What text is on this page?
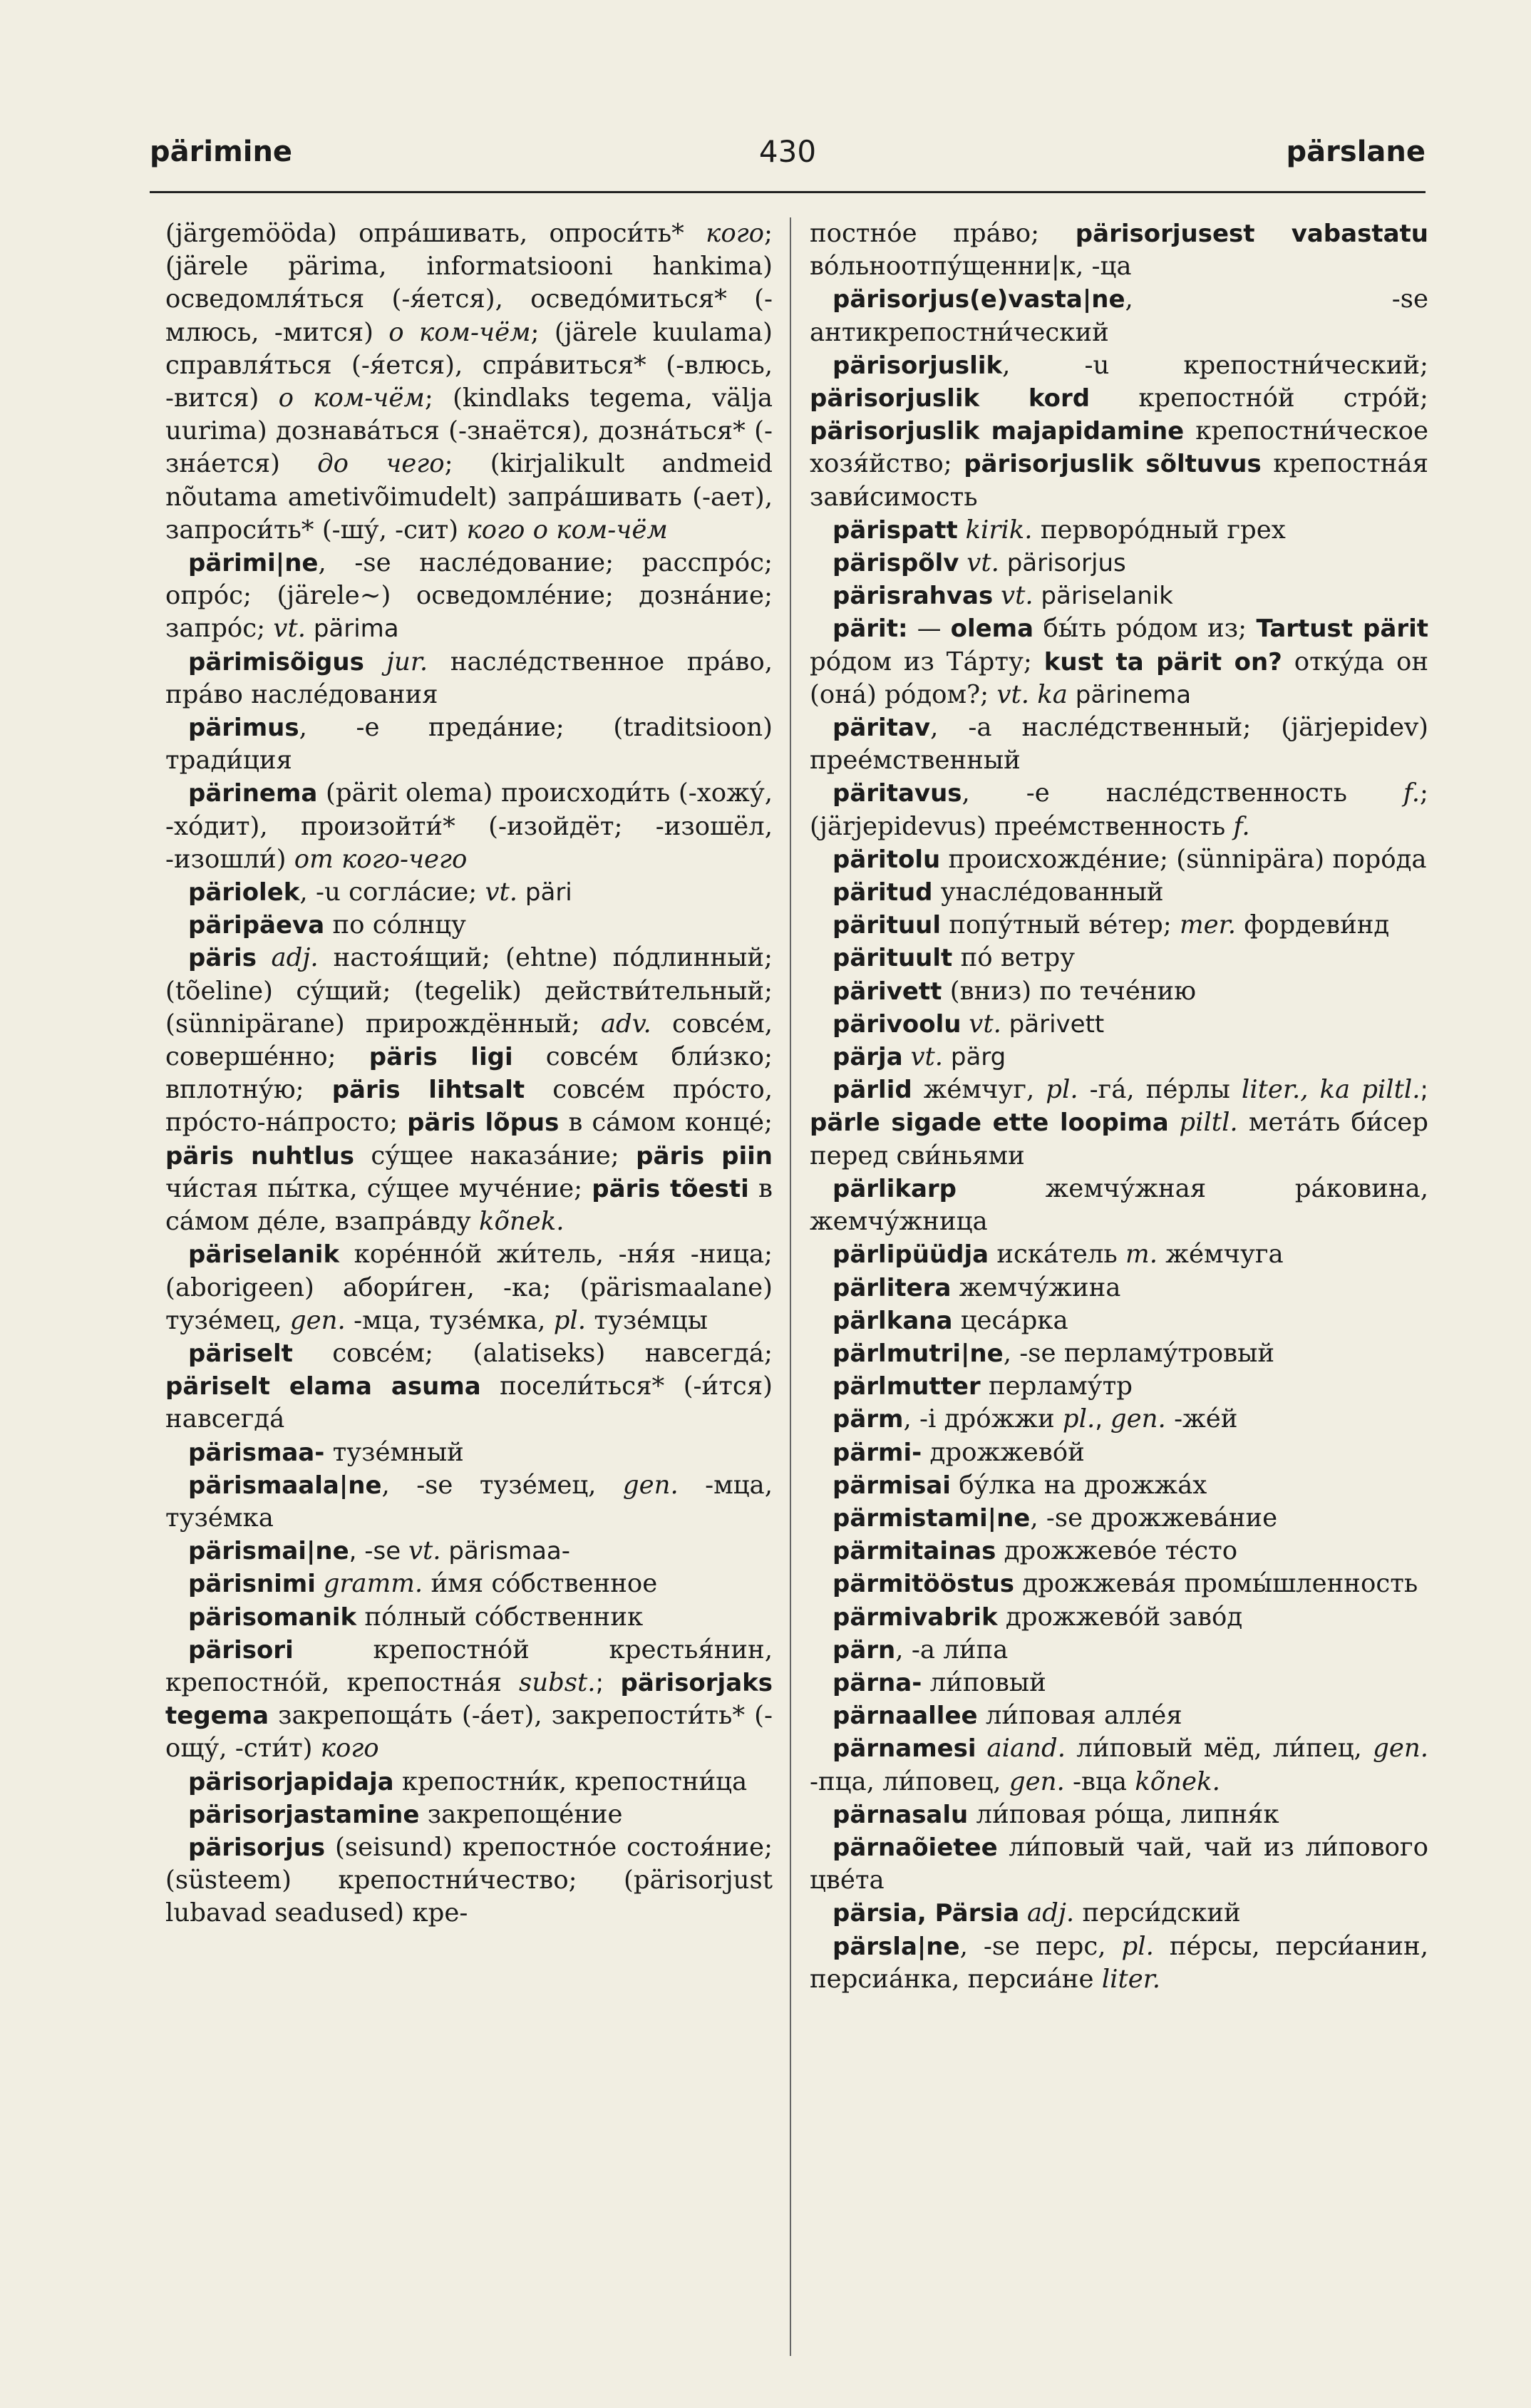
pärimine	430	pärslane

(järgemööda) опрáшивать, опроси́ть* кого; (järele pärima, informatsiooni hankima) осведомля́ться (-я́ется), осведо́миться* (-млюсь, -мится) о ком-чём; (järele kuulama) справля́ться (-я́ется), спрáвиться* (-влюсь, -вится) о ком-чём; (kindlaks tegema, välja uurima) дознавáться (-знаётся), дознáться* (-знáется) до чего; (kirjalikult andmeid nõutama ametivõimudelt) запрáшивать (-ает), запроси́ть* (-шу́, -сит) кого о ком-чём

pärimi|ne, -se наслéдование; расспро́с; опро́с; (järele~) осведомлéние; дознáние; запро́с; vt. pärima

pärimisõigus jur. наслéдственное прáво, прáво наслéдования

pärimus, -e предáние; (traditsioon) тради́ция

pärinema (pärit olema) происходи́ть (-хожу́, -хо́дит), произойти́* (-изойдёт; -изошёл, -изошли́) от кого-чего

päriolek, -u соглáсие; vt. päri

päripäeva по со́лнцу

päris adj. настоя́щий; (ehtne) по́длинный; (tõeline) су́щий; (tegelik) действи́тельный; (sünnipärane) прирождённый; adv. совсéм, совершéнно; päris ligi совсéм бли́зко; вплотну́ю; päris lihtsalt совсéм про́сто, про́сто-нáпросто; päris lõpus в сáмом концé; päris nuhtlus су́щее наказáние; päris piin чи́стая пы́тка, су́щее мучéние; päris tõesti в сáмом дéле, взапрáвду kõnek.

päriselanik корéнно́й жи́тель, -ня́я -ница; (aborigeen) абори́ген, -ка; (pärismaalane) тузéмец, gen. -мца, тузéмка, pl. тузéмцы

päriselt совсéм; (alatiseks) навсегдá; päriselt elama asuma посели́ться* (-и́тся) навсегдá

pärismaa- тузéмный

pärismaala|ne, -se тузéмец, gen. -мца, тузéмка

pärismai|ne, -se vt. pärismaa-

pärisnimi gramm. и́мя со́бственное

pärisomanik по́лный со́бственник

pärisori крепостно́й крестья́нин, крепостно́й, крепостнáя subst.; pärisorjaks tegema закрепощáть (-áет), закрепости́ть* (-ощу́, -сти́т) кого

pärisorjapidaja крепостни́к, крепостни́ца

pärisorjastamine закрепощéние

pärisorjus (seisund) крепостно́е состоя́ние; (süsteem) крепостни́чество; (pärisorjust lubavad seadused) кре-

постно́е прáво; pärisorjusest vabastatu во́льноотпу́щенни|к, -ца

pärisorjus(e)vasta|ne, -se антикрепостни́ческий

pärisorjuslik, -u крепостни́ческий; pärisorjuslik kord крепостно́й стро́й; pärisorjuslik majapidamine крепостни́ческое хозя́йство; pärisorjuslik sõltuvus крепостнáя зави́симость

pärispatt kirik. первоpо́дный грех

pärispõlv vt. pärisorjus

pärisrahvas vt. päriselanik

pärit: — olema бы́ть ро́дом из; Tartust pärit ро́дом из Тáрту; kust ta pärit on? откýда он (онá) ро́дом?; vt. ka pärinema

päritav, -a наслéдственный; (järjepidev) преéмственный

päritavus, -e наслéдственность f.; (järjepidevus) преéмственность f.

päritolu происхождéние; (sünnipära) поро́да

päritud унаслéдованный

pärituul попу́тный вéтер; mer. фордеви́нд

pärituult по́ ветру

pärivett (вниз) по течéнию

pärivoolu vt. pärivett

pärja vt. pärg

pärlid жéмчуг, pl. -гá, пéрлы liter., ka piltl.; pärle sigade ette loopima piltl. метáть би́сер перед сви́ньями

pärlikarp жемчу́жная рáковина, жемчу́жница

pärlipüüdja искáтель m. жéмчуга

pärlitera жемчу́жина

pärlkana цесáрка

pärlmutri|ne, -se перламу́тровый

pärlmutter перламу́тр

pärm, -i дро́жжи pl., gen. -жéй

pärmi- дрожжево́й

pärmisai бу́лка на дрожжáх

pärmistami|ne, -se дрожжевáние

pärmitainas дрожжево́е тéсто

pärmitööstus дрожжевáя промы́шленность

pärmivabrik дрожжево́й заво́д

pärn, -a ли́па

pärna- ли́повый

pärnaallee ли́повая аллéя

pärnamesi aiand. ли́повый мёд, ли́пец, gen. -пца, ли́повец, gen. -вца kõnek.

pärnasalu ли́повая ро́ща, липня́к

pärnaõietee ли́повый чай, чай из ли́пового цвéта

pärsia, Pärsia adj. перси́дский

pärsla|ne, -se перс, pl. пéрсы, перси́анин, персиáнка, персиáне liter.
